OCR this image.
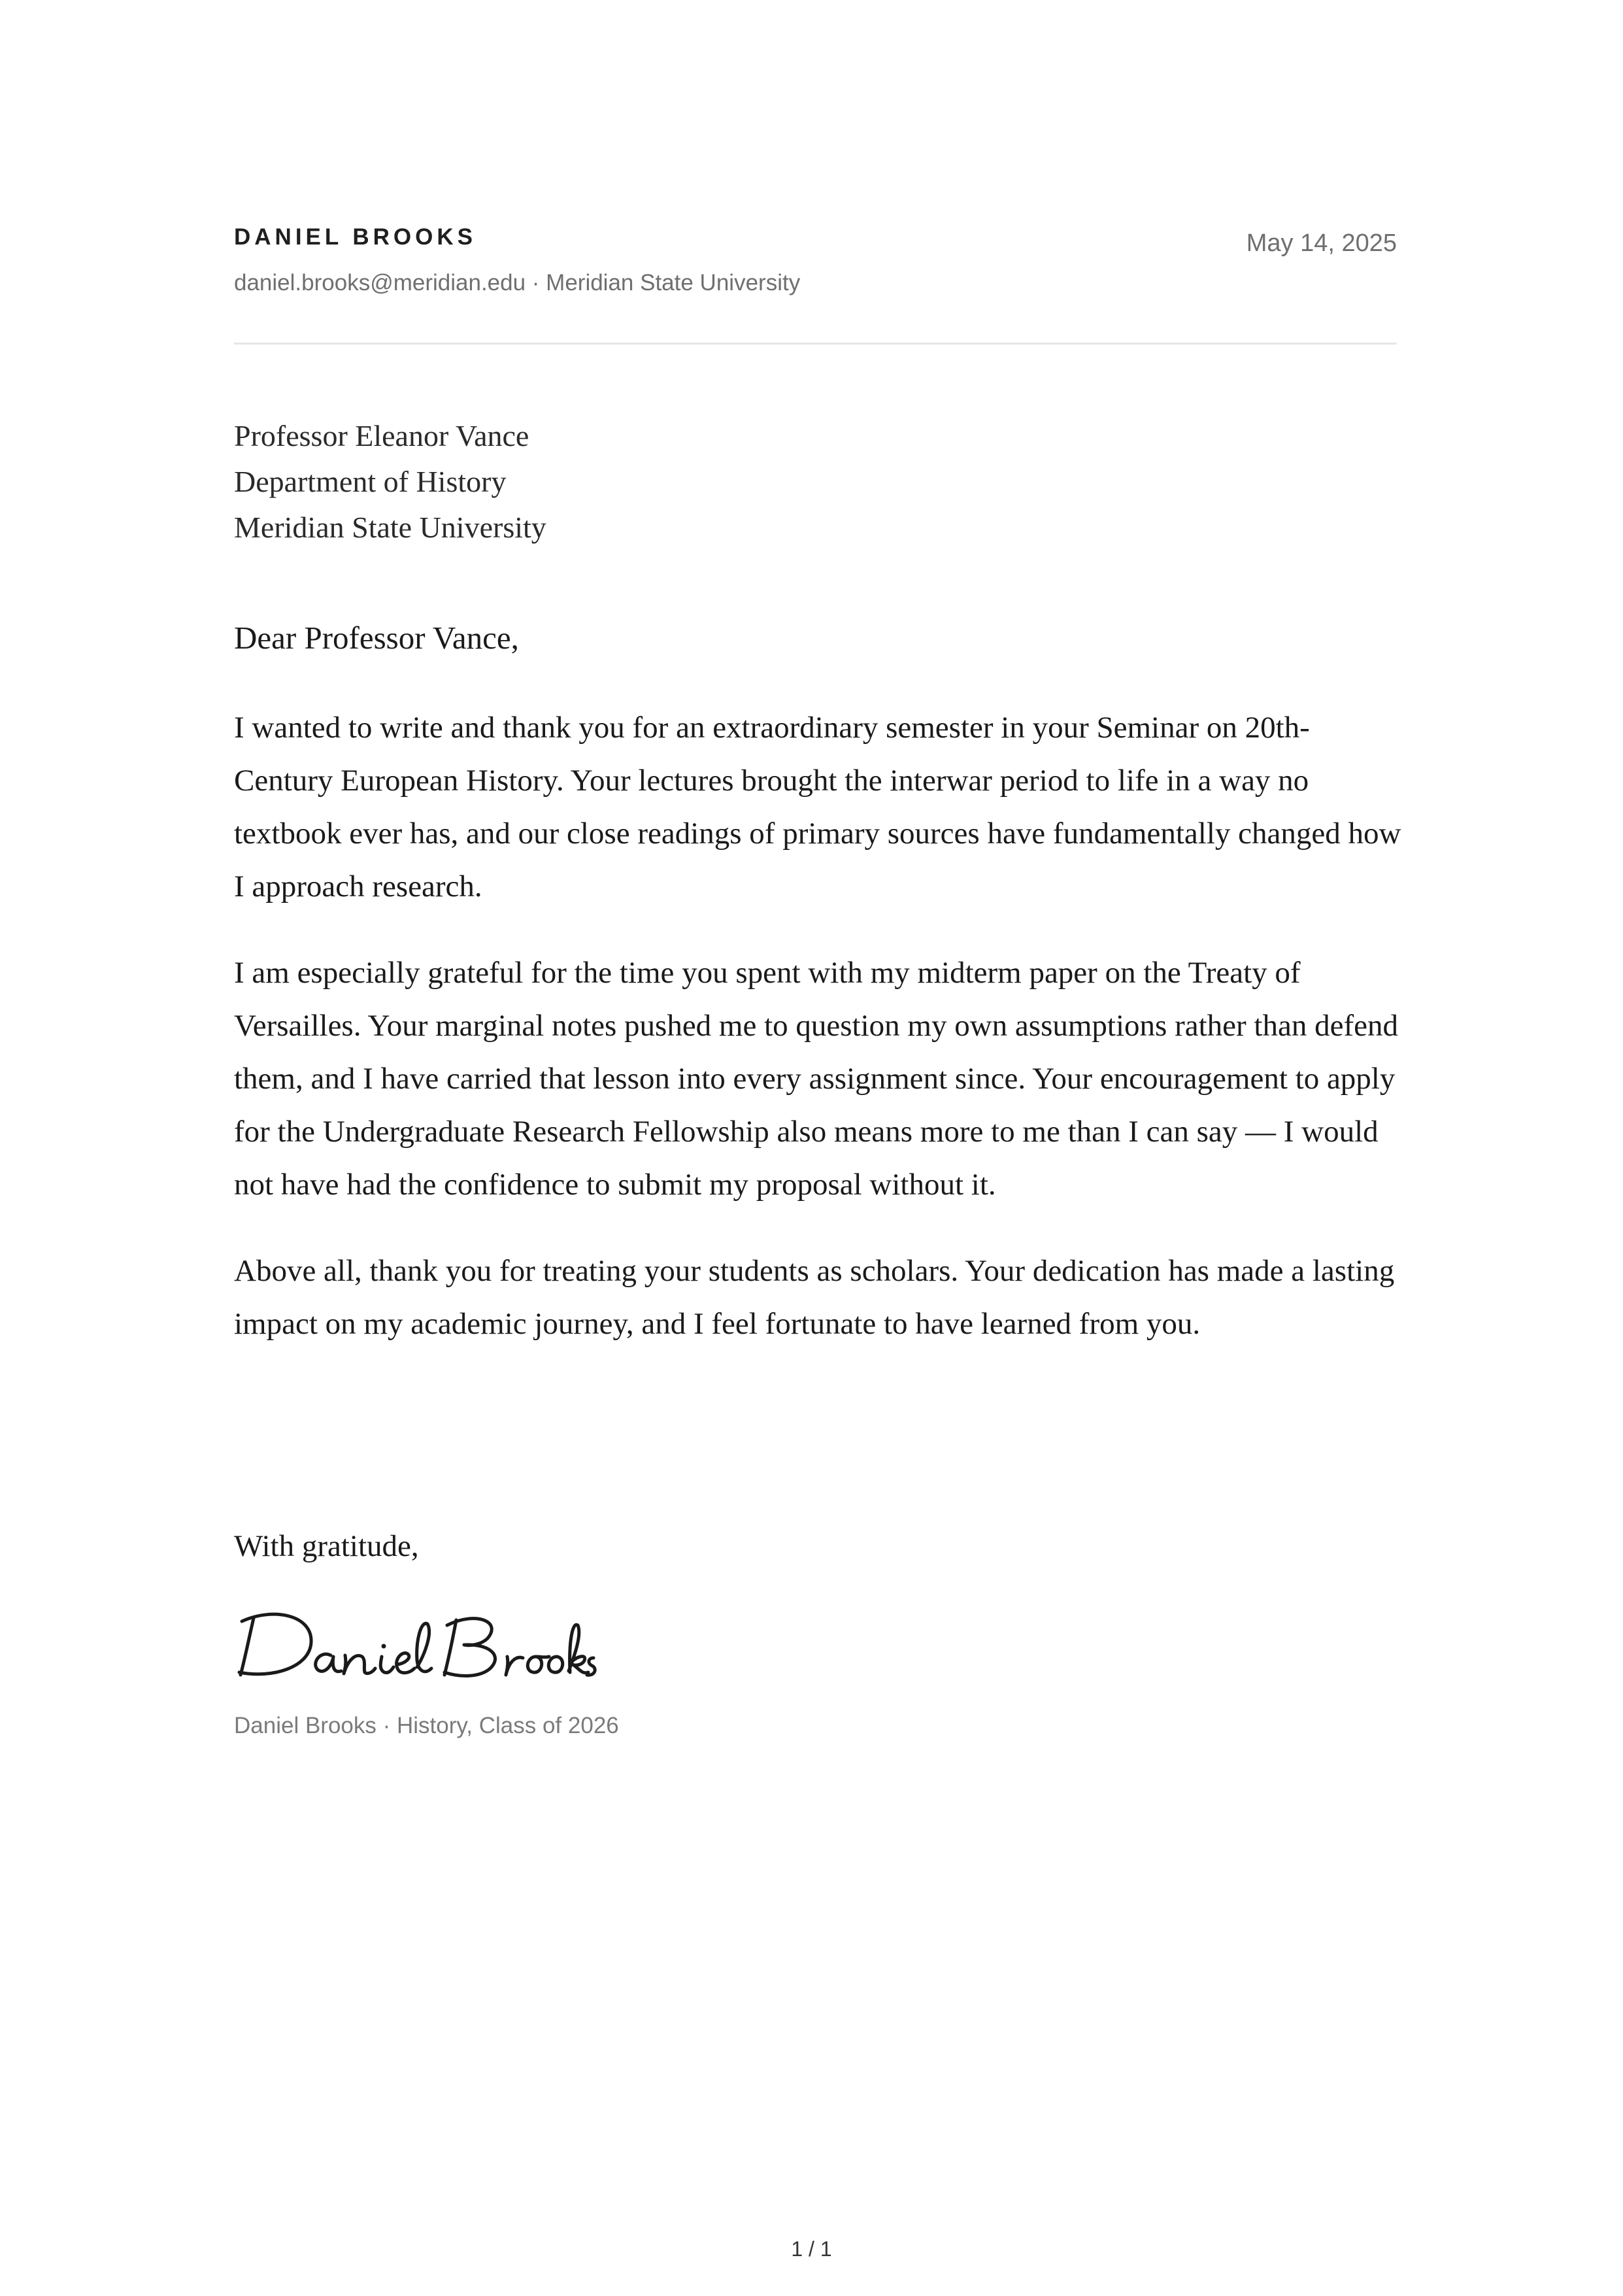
DANIEL BROOKS
daniel.brooks@meridian.edu · Meridian State University
May 14, 2025
Professor Eleanor Vance
Department of History
Meridian State University
Dear Professor Vance,

I wanted to write and thank you for an extraordinary semester in your Seminar on 20th-Century European History. Your lectures brought the interwar period to life in a way no textbook ever has, and our close readings of primary sources have fundamentally changed how I approach research.

I am especially grateful for the time you spent with my midterm paper on the Treaty of Versailles. Your marginal notes pushed me to question my own assumptions rather than defend them, and I have carried that lesson into every assignment since. Your encouragement to apply for the Undergraduate Research Fellowship also means more to me than I can say — I would not have had the confidence to submit my proposal without it.

Above all, thank you for treating your students as scholars. Your dedication has made a lasting impact on my academic journey, and I feel fortunate to have learned from you.

With gratitude,
Daniel Brooks · History, Class of 2026
1 / 1
